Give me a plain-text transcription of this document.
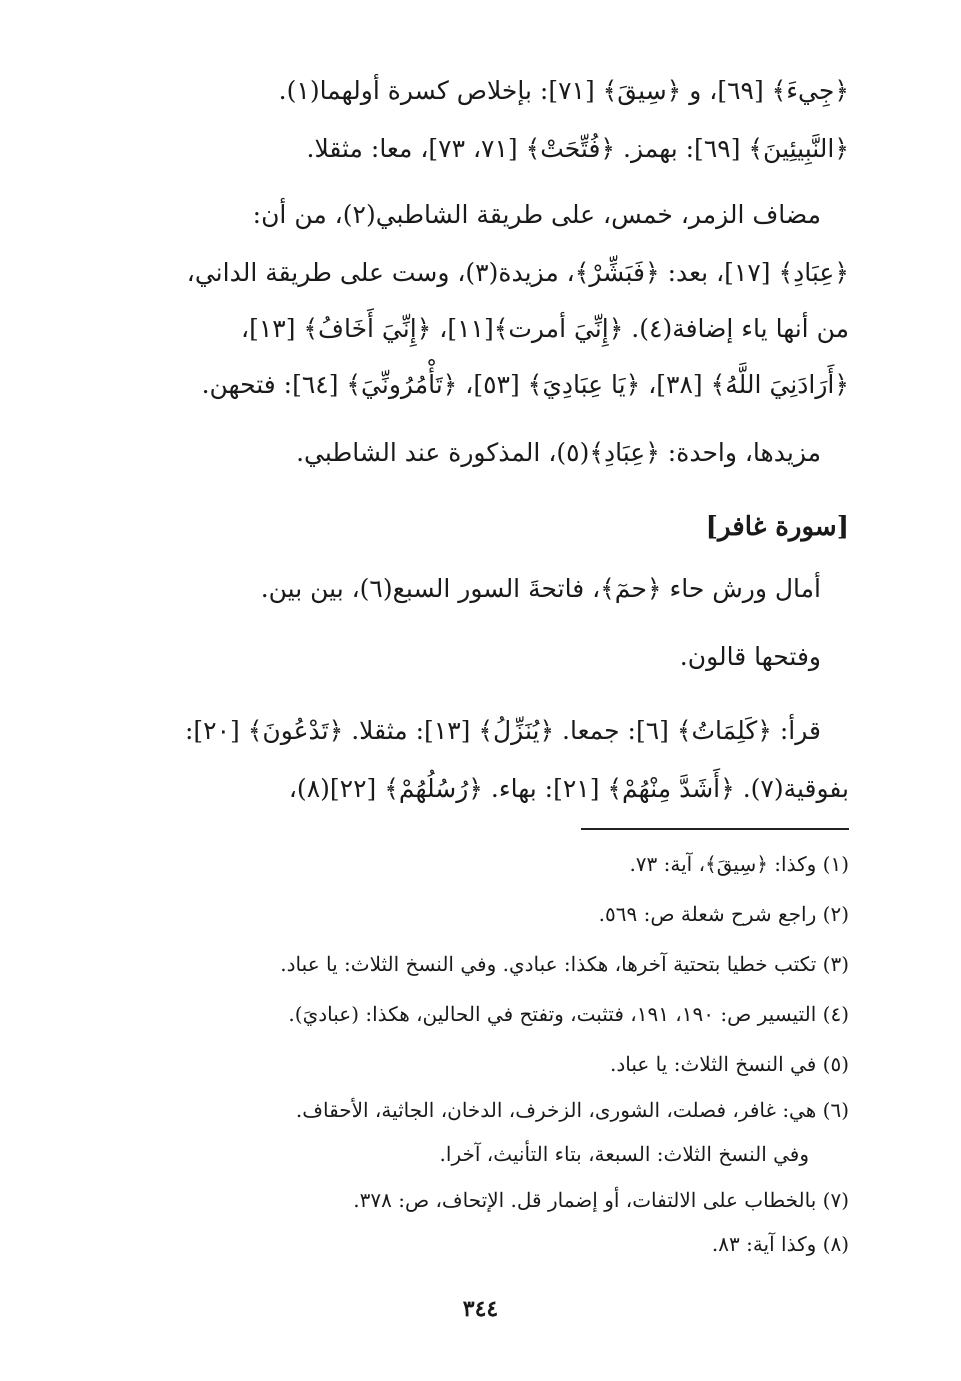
﴿جِيءَ﴾ [٦٩]، و ﴿سِيقَ﴾ [٧١]: بإخلاص كسرة أولهما(١).
﴿النَّبِيئِينَ﴾ [٦٩]: بهمز. ﴿فُتِّحَتْ﴾ [٧١، ٧٣]، معا: مثقلا.
مضاف الزمر، خمس، على طريقة الشاطبي(٢)، من أن:
﴿عِبَادِ﴾ [١٧]، بعد: ﴿فَبَشِّرْ﴾، مزيدة(٣)، وست على طريقة الداني،
من أنها ياء إضافة(٤). ﴿إِنِّيَ أمرت﴾[١١]، ﴿إِنِّيَ أَخَافُ﴾ [١٣]،
﴿أَرَادَنِيَ اللَّهُ﴾ [٣٨]، ﴿يَا عِبَادِيَ﴾ [٥٣]، ﴿تَأْمُرُونِّيَ﴾ [٦٤]: فتحهن.
مزيدها، واحدة: ﴿عِبَادِ﴾(٥)، المذكورة عند الشاطبي.
[سورة غافر]
أمال ورش حاء ﴿حمٓ﴾، فاتحةَ السور السبع(٦)، بين بين.
وفتحها قالون.
قرأ: ﴿كَلِمَاتُ﴾ [٦]: جمعا. ﴿يُنَزِّلُ﴾ [١٣]: مثقلا. ﴿تَدْعُونَ﴾ [٢٠]:
بفوقية(٧). ﴿أَشَدَّ مِنْهُمْ﴾ [٢١]: بهاء. ﴿رُسُلُهُمْ﴾ [٢٢](٨)،
(١) وكذا: ﴿سِيقَ﴾، آية: ٧٣.
(٢) راجع شرح شعلة ص: ٥٦٩.
(٣) تكتب خطيا بتحتية آخرها، هكذا: عبادي. وفي النسخ الثلاث: يا عباد.
(٤) التيسير ص: ١٩٠، ١٩١، فتثبت، وتفتح في الحالين، هكذا: (عباديَ).
(٥) في النسخ الثلاث: يا عباد.
(٦) هي: غافر، فصلت، الشورى، الزخرف، الدخان، الجاثية، الأحقاف.
وفي النسخ الثلاث: السبعة، بتاء التأنيث، آخرا.
(٧) بالخطاب على الالتفات، أو إضمار قل. الإتحاف، ص: ٣٧٨.
(٨) وكذا آية: ٨٣.
٣٤٤
